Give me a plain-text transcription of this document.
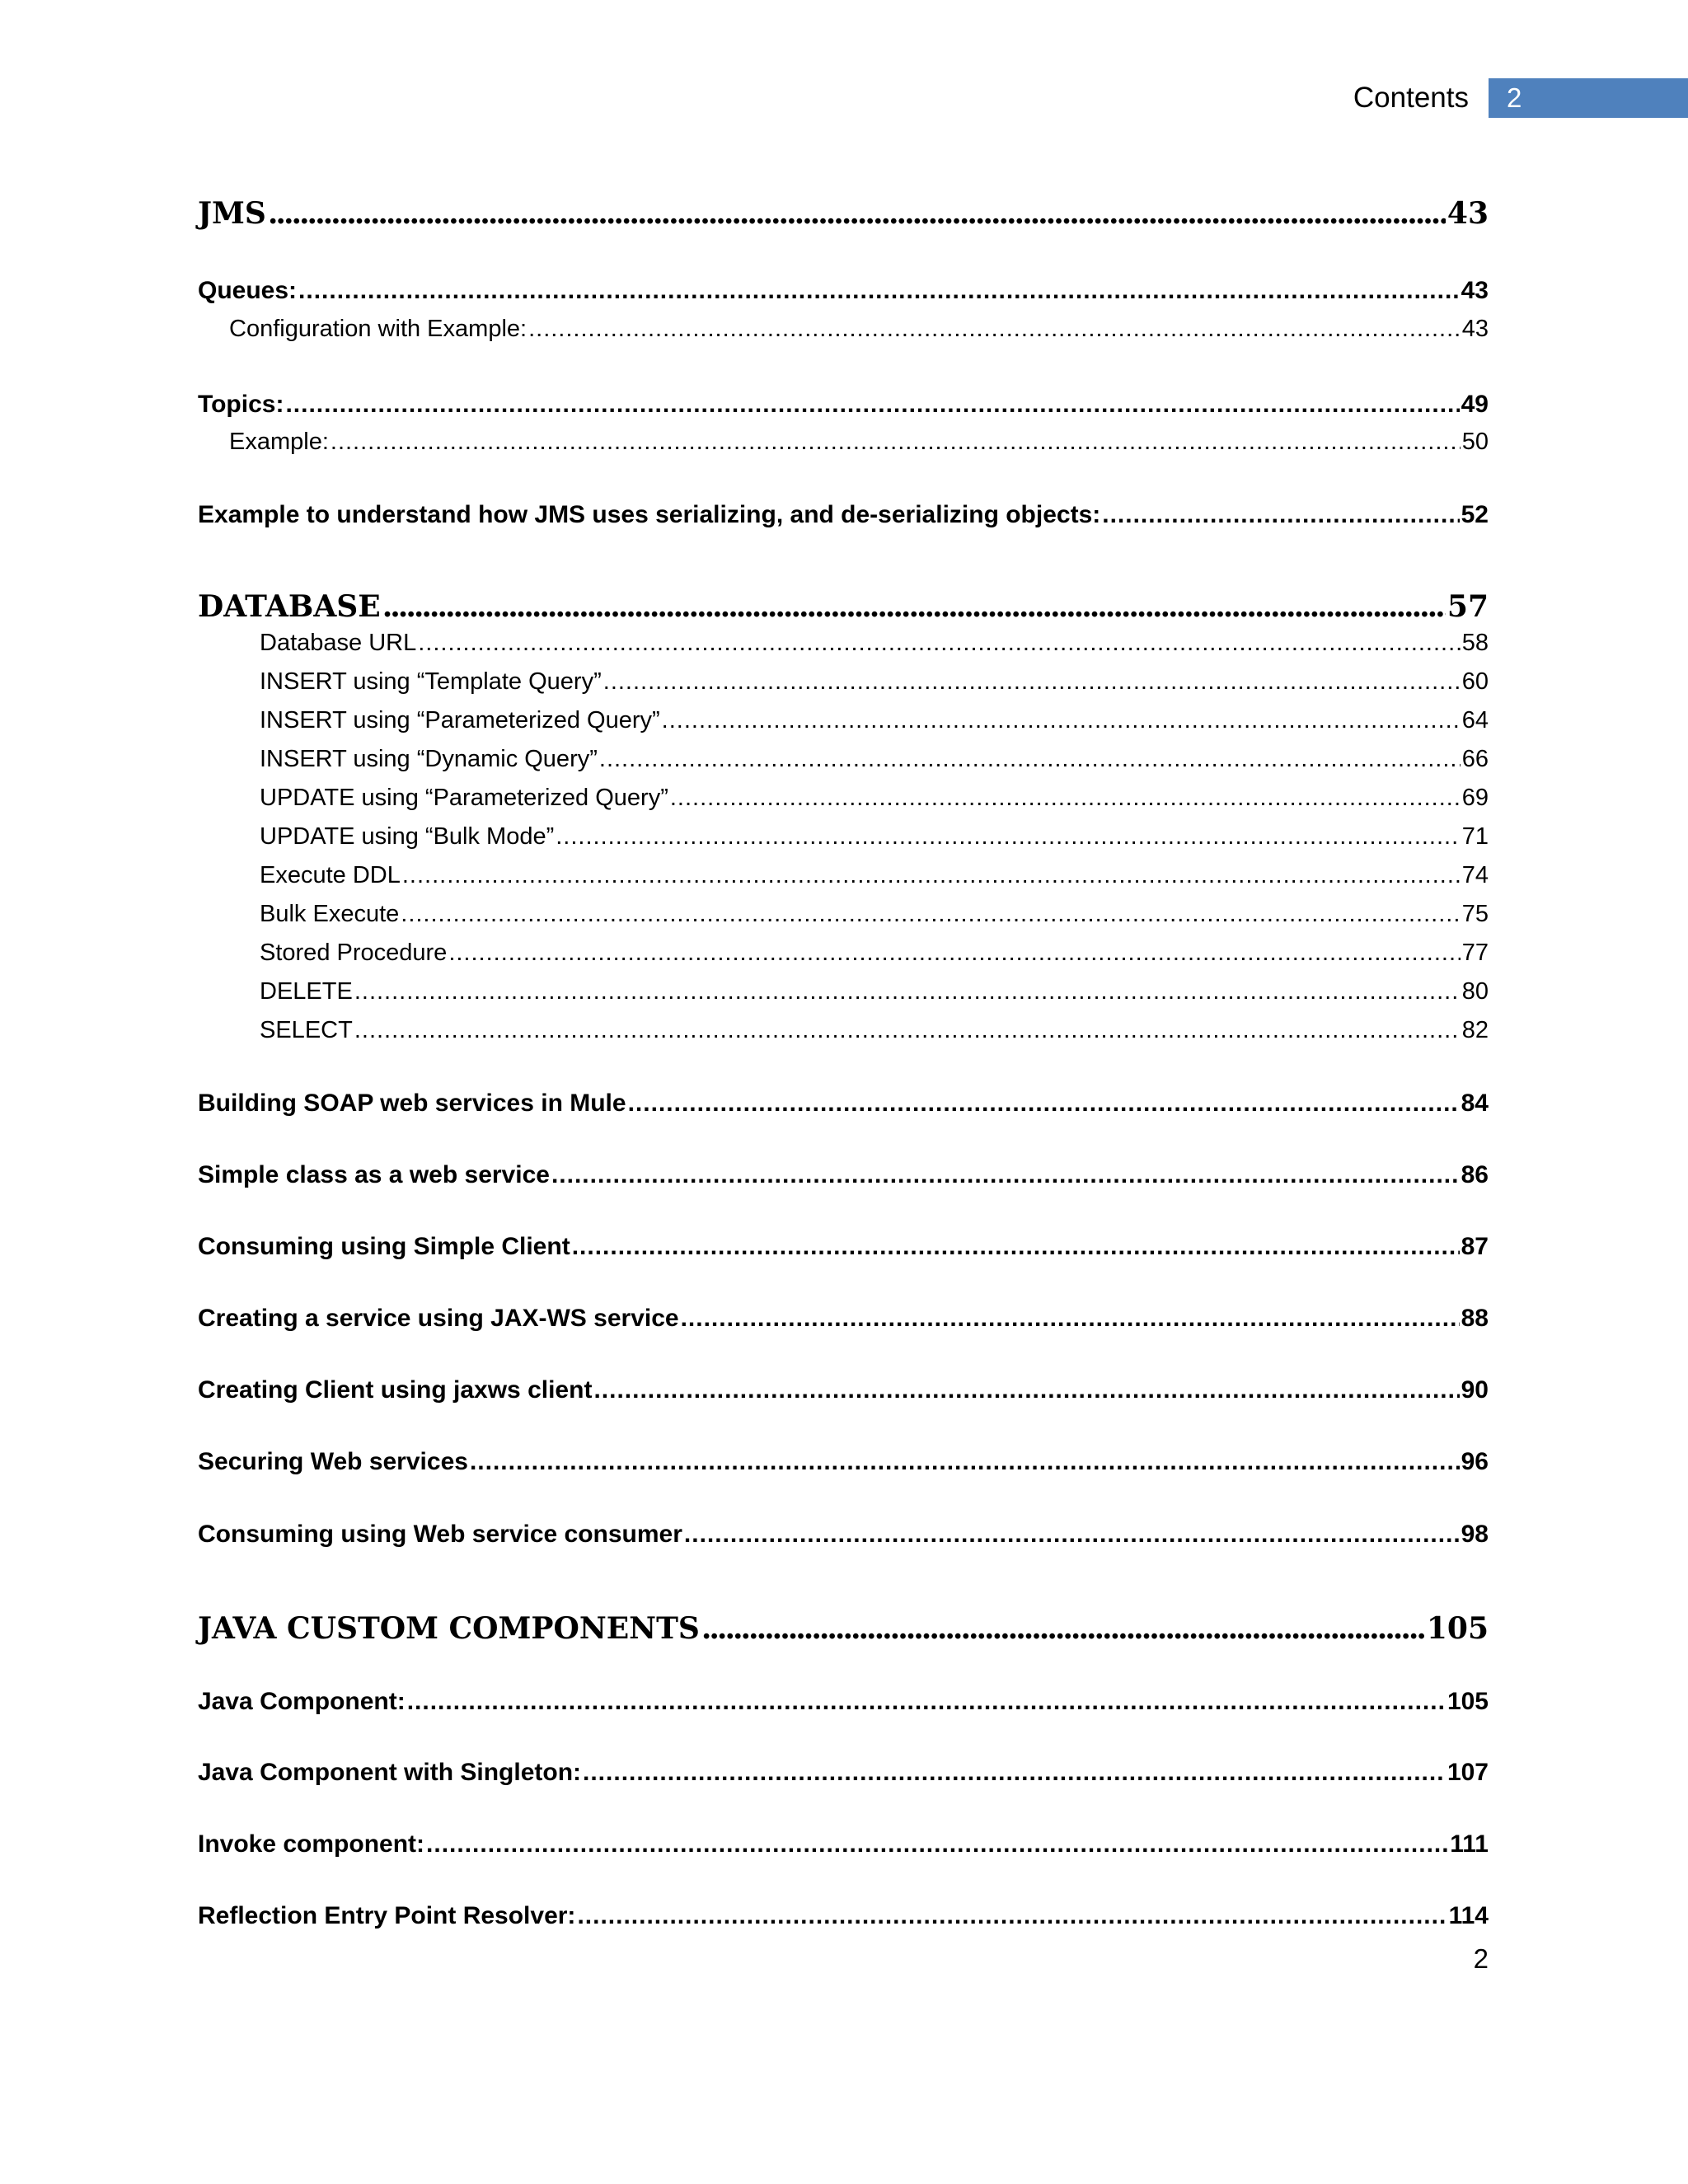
Contents	2
JMS .....	43
Queues: .....	43
Configuration with Example: .....	43
Topics: .....	49
Example: .....	50
Example to understand how JMS uses serializing, and de-serializing objects: .....	52
DATABASE .....	57
Database URL .....	58
INSERT using “Template Query” .....	60
INSERT using “Parameterized Query” .....	64
INSERT using “Dynamic Query” .....	66
UPDATE using “Parameterized Query” .....	69
UPDATE using “Bulk Mode” .....	71
Execute DDL .....	74
Bulk Execute .....	75
Stored Procedure .....	77
DELETE .....	80
SELECT .....	82
Building SOAP web services in Mule .....	84
Simple class as a web service .....	86
Consuming using Simple Client .....	87
Creating a service using JAX-WS service .....	88
Creating Client using jaxws client .....	90
Securing Web services .....	96
Consuming using Web service consumer .....	98
JAVA CUSTOM COMPONENTS .....	105
Java Component: .....	105
Java Component with Singleton: .....	107
Invoke component: .....	111
Reflection Entry Point Resolver: .....	114
2
